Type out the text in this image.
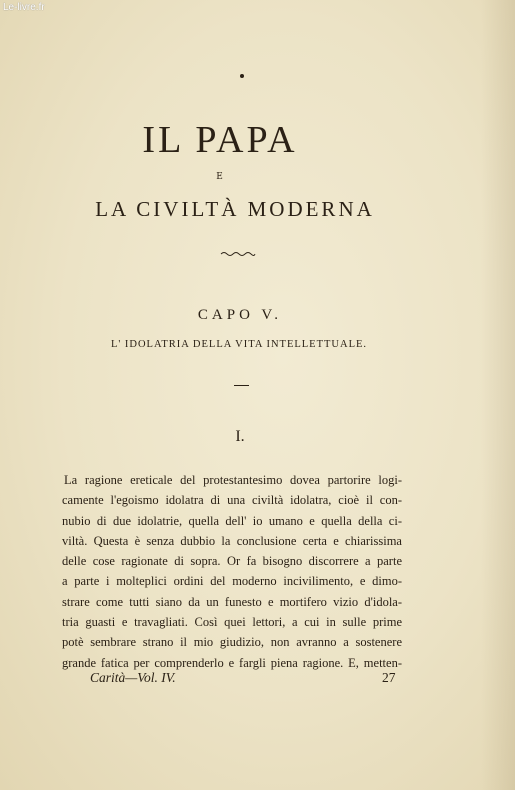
Le-livre.fr
IL PAPA
E
LA CIVILTÀ MODERNA
CAPO V.
L' IDOLATRIA DELLA VITA INTELLETTUALE.
I.
La ragione ereticale del protestantesimo dovea partorire logi-
camente l'egoismo idolatra di una civiltà idolatra, cioè il con-
nubio di due idolatrie, quella dell' io umano e quella della ci-
viltà. Questa è senza dubbio la conclusione certa e chiarissima
delle cose ragionate di sopra. Or fa bisogno discorrere a parte
a parte i molteplici ordini del moderno incivilimento, e dimo-
strare come tutti siano da un funesto e mortifero vizio d'idola-
tria guasti e travagliati. Così quei lettori, a cui in sulle prime
potè sembrare strano il mio giudizio, non avranno a sostenere
grande fatica per comprenderlo e fargli piena ragione. E, metten-
Carità—Vol. IV.	27
